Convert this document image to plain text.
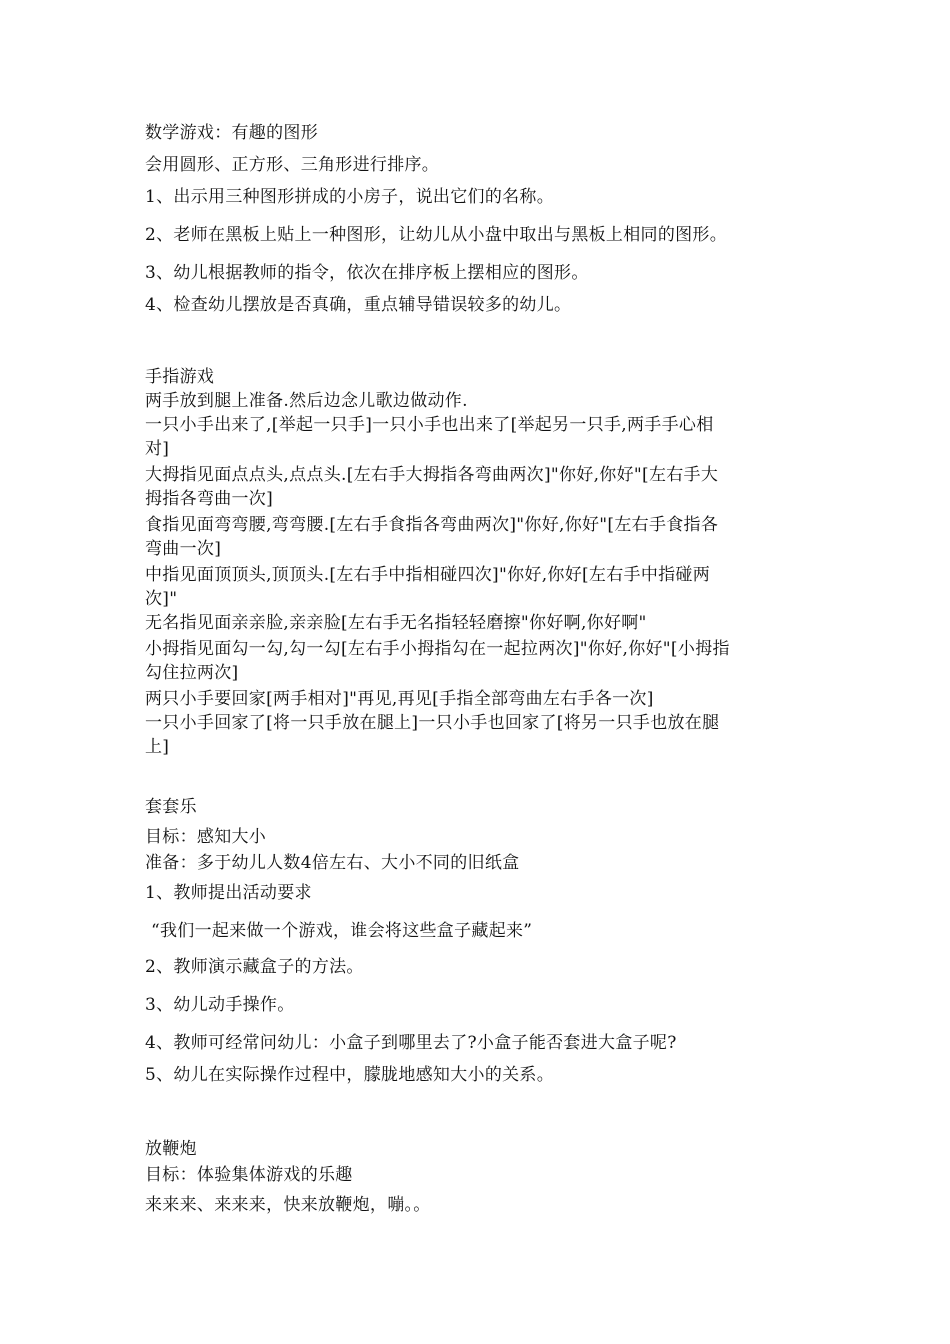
数学游戏：有趣的图形
会用圆形、正方形、三角形进行排序。
1、出示用三种图形拼成的小房子，说出它们的名称。
2、老师在黑板上贴上一种图形，让幼儿从小盘中取出与黑板上相同的图形。
3、幼儿根据教师的指令，依次在排序板上摆相应的图形。
4、检查幼儿摆放是否真确，重点辅导错误较多的幼儿。
手指游戏
两手放到腿上准备.然后边念儿歌边做动作.
一只小手出来了,[举起一只手]一只小手也出来了[举起另一只手,两手手心相
对]
大拇指见面点点头,点点头.[左右手大拇指各弯曲两次]"你好,你好"[左右手大
拇指各弯曲一次]
食指见面弯弯腰,弯弯腰.[左右手食指各弯曲两次]"你好,你好"[左右手食指各
弯曲一次]
中指见面顶顶头,顶顶头.[左右手中指相碰四次]"你好,你好[左右手中指碰两
次]"
无名指见面亲亲脸,亲亲脸[左右手无名指轻轻磨擦"你好啊,你好啊"
小拇指见面勾一勾,勾一勾[左右手小拇指勾在一起拉两次]"你好,你好"[小拇指
勾住拉两次]
两只小手要回家[两手相对]"再见,再见[手指全部弯曲左右手各一次]
一只小手回家了[将一只手放在腿上]一只小手也回家了[将另一只手也放在腿
上]
套套乐
目标：感知大小
准备：多于幼儿人数4倍左右、大小不同的旧纸盒
1、教师提出活动要求
“我们一起来做一个游戏，谁会将这些盒子藏起来”
2、教师演示藏盒子的方法。
3、幼儿动手操作。
4、教师可经常问幼儿：小盒子到哪里去了?小盒子能否套进大盒子呢?
5、幼儿在实际操作过程中，朦胧地感知大小的关系。
放鞭炮
目标：体验集体游戏的乐趣
来来来、来来来，快来放鞭炮，嘣。。
